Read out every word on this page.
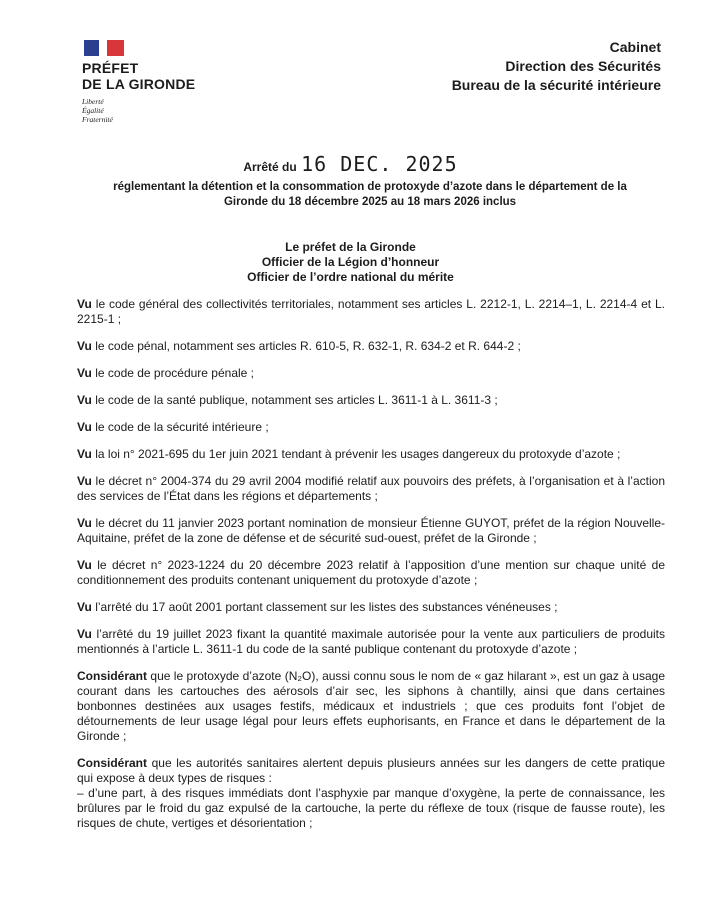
PRÉFET
DE LA GIRONDE
Liberté
Égalité
Fraternité
Cabinet
Direction des Sécurités
Bureau de la sécurité intérieure
Arrêté du 16 DEC. 2025
réglementant la détention et la consommation de protoxyde d’azote dans le département de la Gironde du 18 décembre 2025 au 18 mars 2026 inclus
Le préfet de la Gironde
Officier de la Légion d’honneur
Officier de l’ordre national du mérite

Vu le code général des collectivités territoriales, notamment ses articles L. 2212-1, L. 2214–1, L. 2214-4 et L. 2215-1 ;

Vu le code pénal, notamment ses articles R. 610-5, R. 632-1, R. 634-2 et R. 644-2 ;

Vu le code de procédure pénale ;

Vu le code de la santé publique, notamment ses articles L. 3611-1 à L. 3611-3 ;

Vu le code de la sécurité intérieure ;

Vu la loi n° 2021-695 du 1er juin 2021 tendant à prévenir les usages dangereux du protoxyde d’azote ;

Vu le décret n° 2004-374 du 29 avril 2004 modifié relatif aux pouvoirs des préfets, à l’organisation et à l’action des services de l’État dans les régions et départements ;

Vu le décret du 11 janvier 2023 portant nomination de monsieur Étienne GUYOT, préfet de la région Nouvelle-Aquitaine, préfet de la zone de défense et de sécurité sud-ouest, préfet de la Gironde ;

Vu le décret n° 2023-1224 du 20 décembre 2023 relatif à l’apposition d’une mention sur chaque unité de conditionnement des produits contenant uniquement du protoxyde d’azote ;

Vu l’arrêté du 17 août 2001 portant classement sur les listes des substances vénéneuses ;

Vu l’arrêté du 19 juillet 2023 fixant la quantité maximale autorisée pour la vente aux particuliers de produits mentionnés à l’article L. 3611-1 du code de la santé publique contenant du protoxyde d’azote ;

Considérant que le protoxyde d’azote (N₂O), aussi connu sous le nom de « gaz hilarant », est un gaz à usage courant dans les cartouches des aérosols d’air sec, les siphons à chantilly, ainsi que dans certaines bonbonnes destinées aux usages festifs, médicaux et industriels ; que ces produits font l’objet de détournements de leur usage légal pour leurs effets euphorisants, en France et dans le département de la Gironde ;

Considérant que les autorités sanitaires alertent depuis plusieurs années sur les dangers de cette pratique qui expose à deux types de risques :
– d’une part, à des risques immédiats dont l’asphyxie par manque d’oxygène, la perte de connaissance, les brûlures par le froid du gaz expulsé de la cartouche, la perte du réflexe de toux (risque de fausse route), les risques de chute, vertiges et désorientation ;
